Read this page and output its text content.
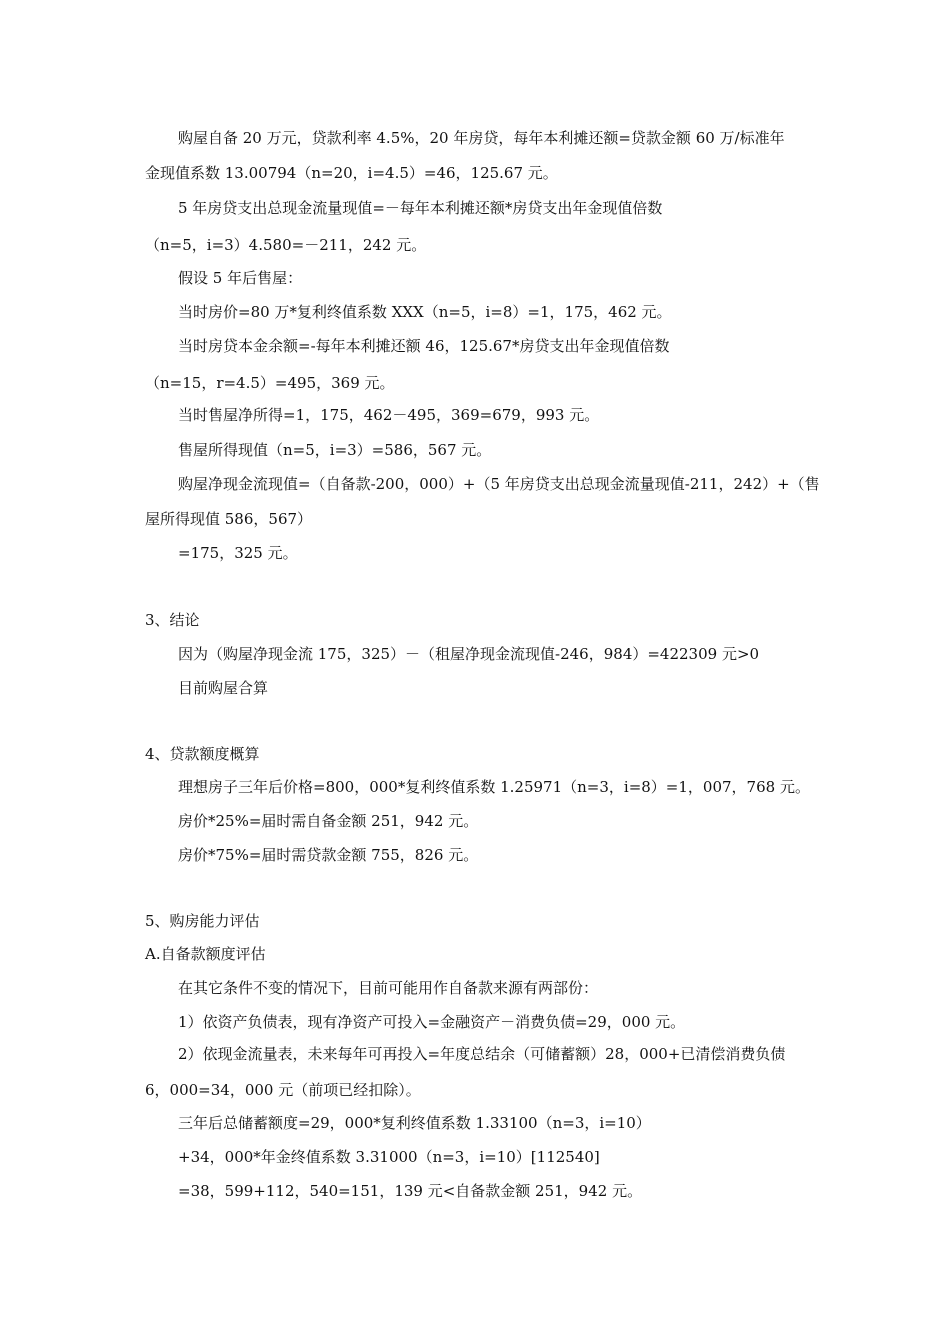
购屋自备 20 万元，贷款利率 4.5%，20 年房贷，每年本利摊还额=贷款金额 60 万/标准年
金现值系数 13.00794（n=20，i=4.5）=46，125.67 元。
5 年房贷支出总现金流量现值=－每年本利摊还额*房贷支出年金现值倍数
（n=5，i=3）4.580=－211，242 元。
假设 5 年后售屋：
当时房价=80 万*复利终值系数 XXX（n=5，i=8）=1，175，462 元。
当时房贷本金余额=-每年本利摊还额 46，125.67*房贷支出年金现值倍数
（n=15，r=4.5）=495，369 元。
当时售屋净所得=1，175，462－495，369=679，993 元。
售屋所得现值（n=5，i=3）=586，567 元。
购屋净现金流现值=（自备款-200，000）+（5 年房贷支出总现金流量现值-211，242）+（售
屋所得现值 586，567）
=175，325 元。
3、结论
因为（购屋净现金流 175，325）－（租屋净现金流现值-246，984）=422309 元>0
目前购屋合算
4、贷款额度概算
理想房子三年后价格=800，000*复利终值系数 1.25971（n=3，i=8）=1，007，768 元。
房价*25%=届时需自备金额 251，942 元。
房价*75%=届时需贷款金额 755，826 元。
5、购房能力评估
A.自备款额度评估
在其它条件不变的情况下，目前可能用作自备款来源有两部份：
1）依资产负债表，现有净资产可投入=金融资产－消费负债=29，000 元。
2）依现金流量表，未来每年可再投入=年度总结余（可储蓄额）28，000+已清偿消费负债
6，000=34，000 元（前项已经扣除）。
三年后总储蓄额度=29，000*复利终值系数 1.33100（n=3，i=10）
+34，000*年金终值系数 3.31000（n=3，i=10）[112540]
=38，599+112，540=151，139 元<自备款金额 251，942 元。
